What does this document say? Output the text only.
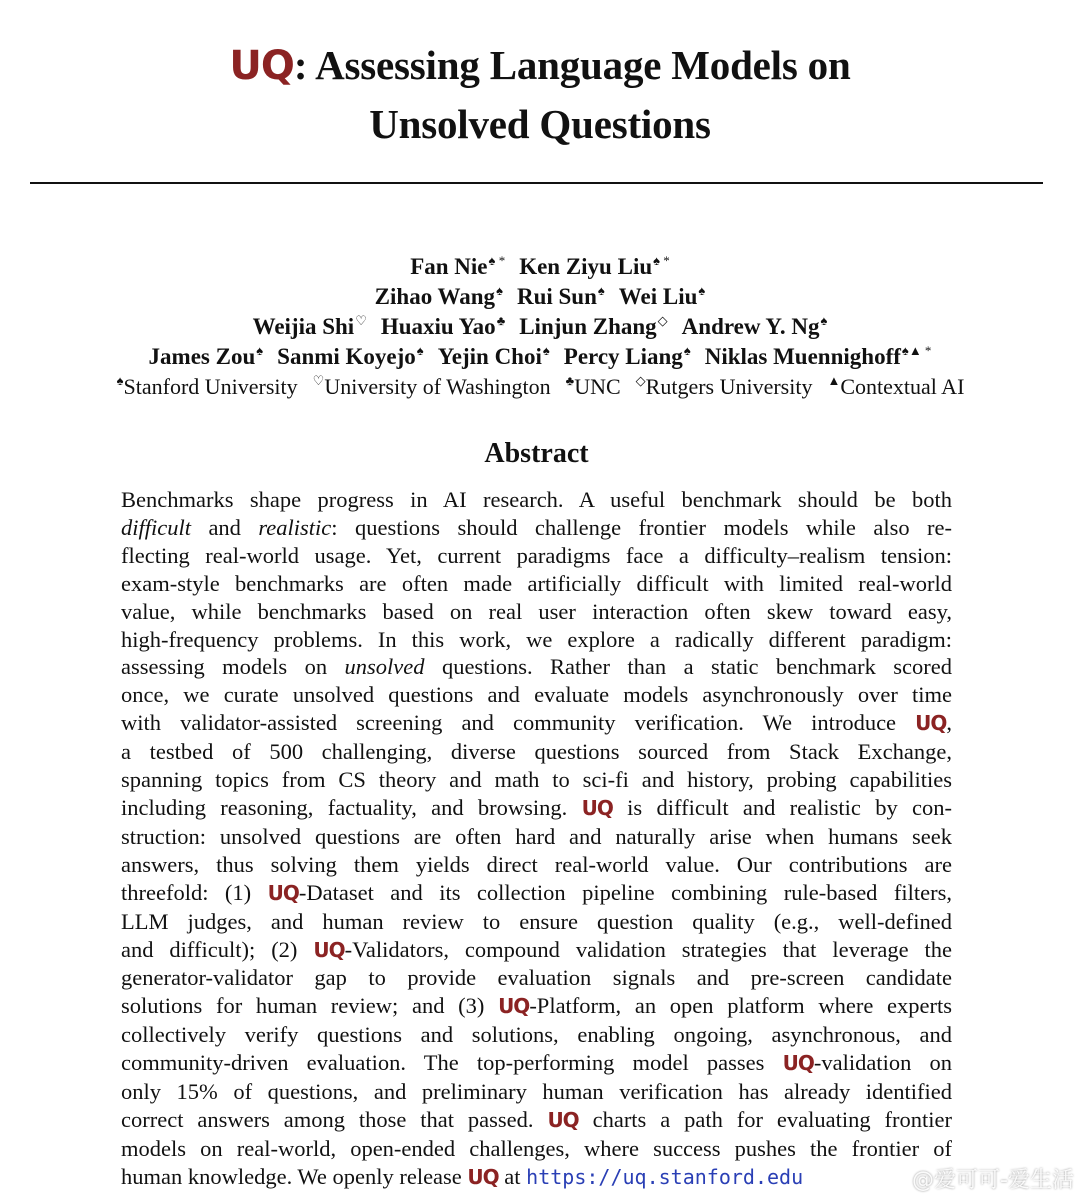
UQ: Assessing Language Models on
Unsolved Questions
Fan Nie♠ * Ken Ziyu Liu♠ *
Zihao Wang♠ Rui Sun♠ Wei Liu♠
Weijia Shi♡ Huaxiu Yao♣ Linjun Zhang◇ Andrew Y. Ng♠
James Zou♠ Sanmi Koyejo♠ Yejin Choi♠ Percy Liang♠ Niklas Muennighoff♠▲ *
♠Stanford University ♡University of Washington ♣UNC ◇Rutgers University ▲Contextual AI
Abstract
Benchmarks shape progress in AI research. A useful benchmark should be both
difficult and realistic: questions should challenge frontier models while also re-
flecting real-world usage. Yet, current paradigms face a difficulty–realism tension:
exam-style benchmarks are often made artificially difficult with limited real-world
value, while benchmarks based on real user interaction often skew toward easy,
high-frequency problems. In this work, we explore a radically different paradigm:
assessing models on unsolved questions. Rather than a static benchmark scored
once, we curate unsolved questions and evaluate models asynchronously over time
with validator-assisted screening and community verification. We introduce UQ,
a testbed of 500 challenging, diverse questions sourced from Stack Exchange,
spanning topics from CS theory and math to sci-fi and history, probing capabilities
including reasoning, factuality, and browsing. UQ is difficult and realistic by con-
struction: unsolved questions are often hard and naturally arise when humans seek
answers, thus solving them yields direct real-world value. Our contributions are
threefold: (1) UQ-Dataset and its collection pipeline combining rule-based filters,
LLM judges, and human review to ensure question quality (e.g., well-defined
and difficult); (2) UQ-Validators, compound validation strategies that leverage the
generator-validator gap to provide evaluation signals and pre-screen candidate
solutions for human review; and (3) UQ-Platform, an open platform where experts
collectively verify questions and solutions, enabling ongoing, asynchronous, and
community-driven evaluation. The top-performing model passes UQ-validation on
only 15% of questions, and preliminary human verification has already identified
correct answers among those that passed. UQ charts a path for evaluating frontier
models on real-world, open-ended challenges, where success pushes the frontier of
human knowledge. We openly release UQ at https://uq.stanford.edu	@爱可可-爱生活
